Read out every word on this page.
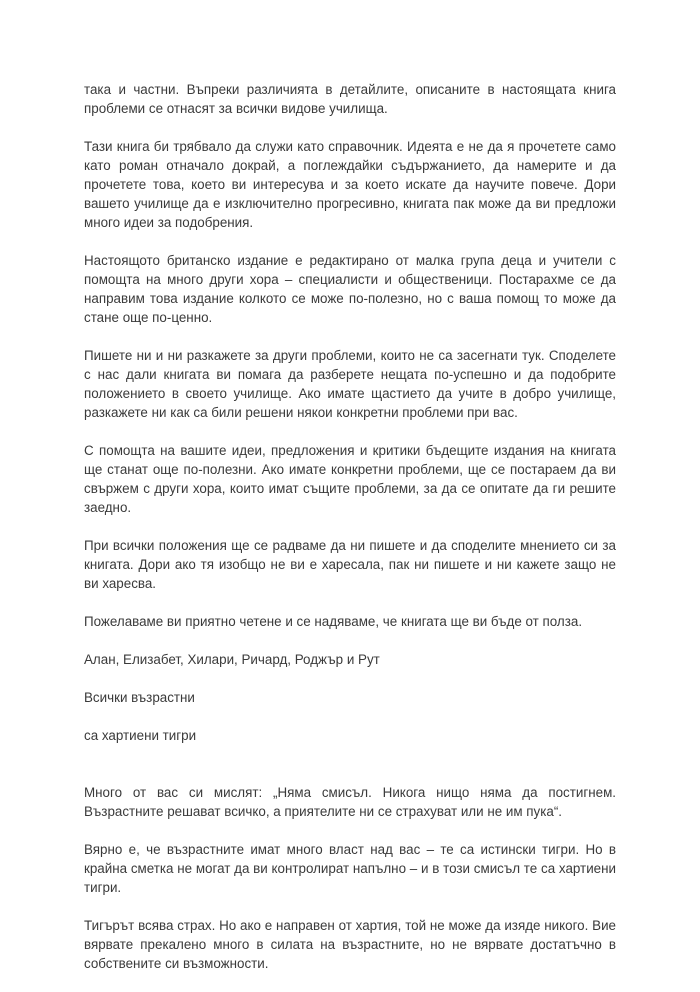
така и частни. Въпреки различията в детайлите, описаните в настоящата книга проблеми се отнасят за всички видове училища.

Тази книга би трябвало да служи като справочник. Идеята е не да я прочетете само като роман отначало докрай, а поглеждайки съдържанието, да намерите и да прочетете това, което ви интересува и за което искате да научите повече. Дори вашето училище да е изключително прогресивно, книгата пак може да ви предложи много идеи за подобрения.

Настоящото британско издание е редактирано от малка група деца и учители с помощта на много други хора – специалисти и общественици. Постарахме се да направим това издание колкото се може по-полезно, но с ваша помощ то може да стане още по-ценно.

Пишете ни и ни разкажете за други проблеми, които не са засегнати тук. Споделете с нас дали книгата ви помага да разберете нещата по-успешно и да подобрите положението в своето училище. Ако имате щастието да учите в добро училище, разкажете ни как са били решени някои конкретни проблеми при вас.

С помощта на вашите идеи, предложения и критики бъдещите издания на книгата ще станат още по-полезни. Ако имате конкретни проблеми, ще се постараем да ви свържем с други хора, които имат същите проблеми, за да се опитате да ги решите заедно.

При всички положения ще се радваме да ни пишете и да споделите мнението си за книгата. Дори ако тя изобщо не ви е харесала, пак ни пишете и ни кажете защо не ви харесва.

Пожелаваме ви приятно четене и се надяваме, че книгата ще ви бъде от полза.

Алан, Елизабет, Хилари, Ричард, Роджър и Рут

Всички възрастни

са хартиени тигри

Много от вас си мислят: „Няма смисъл. Никога нищо няма да постигнем. Възрастните решават всичко, а приятелите ни се страхуват или не им пука“.

Вярно е, че възрастните имат много власт над вас – те са истински тигри. Но в крайна сметка не могат да ви контролират напълно – и в този смисъл те са хартиени тигри.

Тигърът всява страх. Но ако е направен от хартия, той не може да изяде никого. Вие вярвате прекалено много в силата на възрастните, но не вярвате достатъчно в собствените си възможности.
